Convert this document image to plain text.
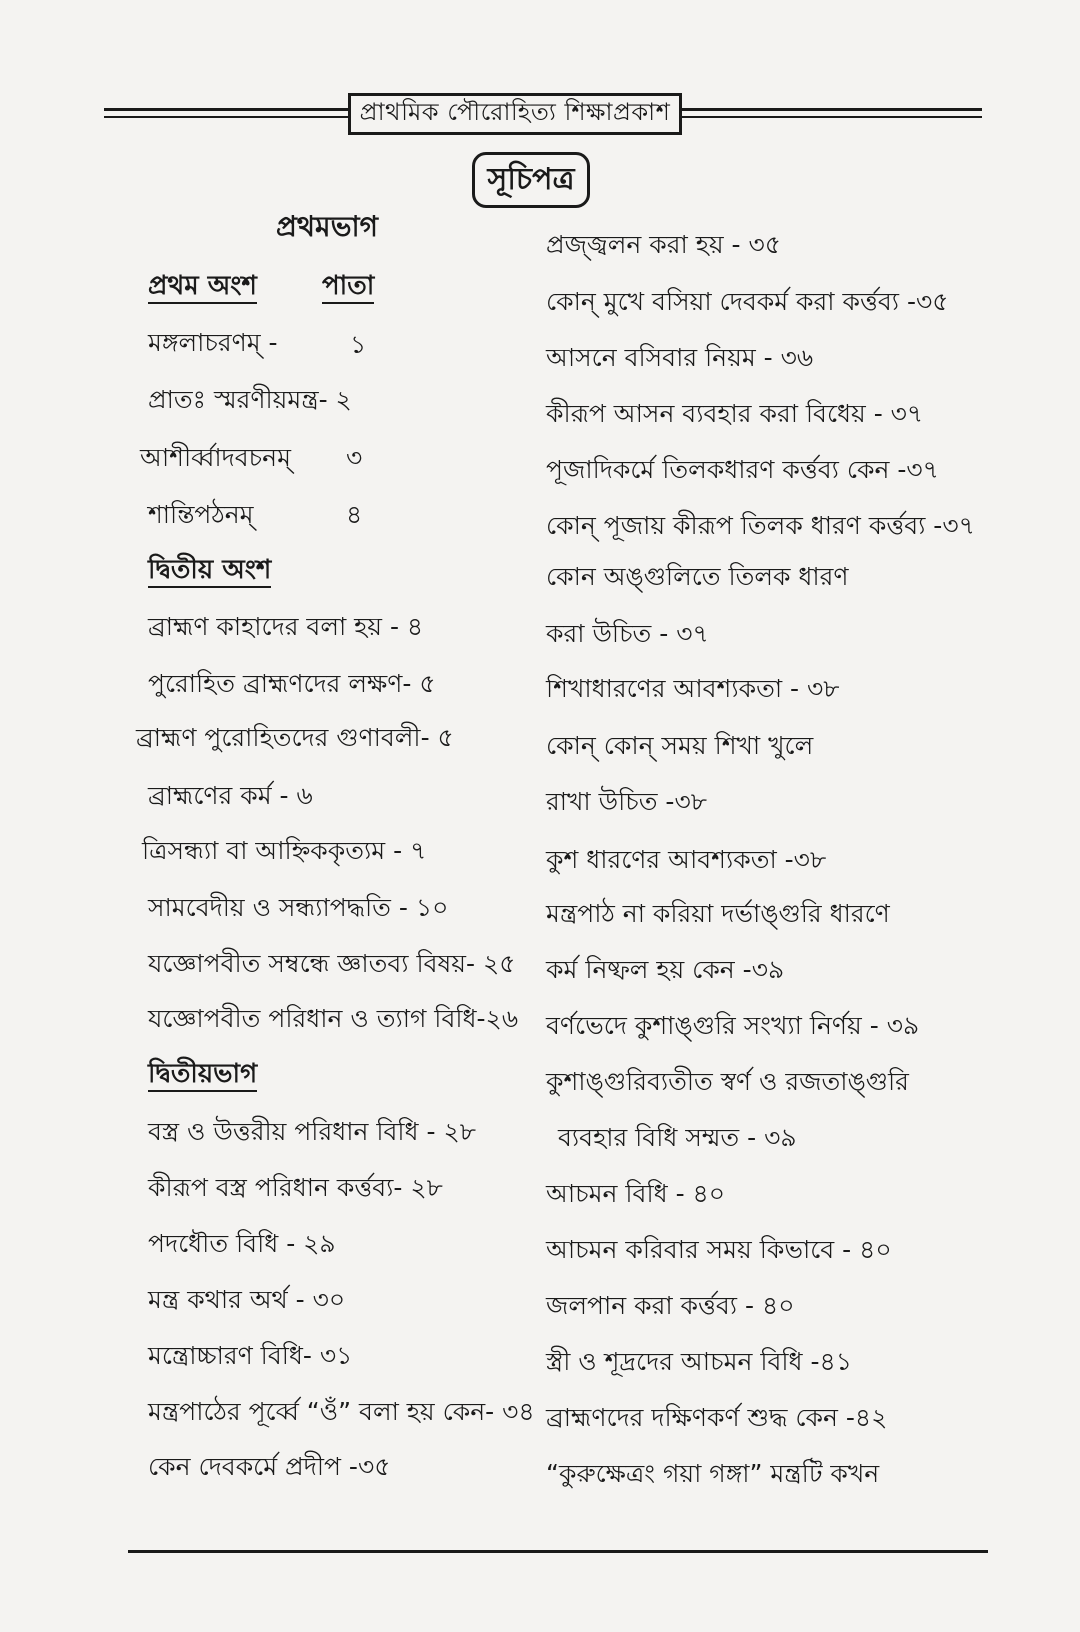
প্রাথমিক পৌরোহিত্য শিক্ষাপ্রকাশ
সূচিপত্র
প্রথমভাগ
প্রথম অংশ	পাতা
মঙ্গলাচরণম্ -	১
প্রাতঃ স্মরণীয়মন্ত্র- ২
আশীর্ব্বাদবচনম্ ৩
শান্তিপঠনম্	৪
দ্বিতীয় অংশ
ব্রাহ্মণ কাহাদের বলা হয় - ৪
পুরোহিত ব্রাহ্মণদের লক্ষণ- ৫
ব্রাহ্মণ পুরোহিতদের গুণাবলী- ৫
ব্রাহ্মণের কর্ম - ৬
ত্রিসন্ধ্যা বা আহ্নিককৃত্যম - ৭
সামবেদীয় ও সন্ধ্যাপদ্ধতি - ১০
যজ্ঞোপবীত সম্বন্ধে জ্ঞাতব্য বিষয়- ২৫
যজ্ঞোপবীত পরিধান ও ত্যাগ বিধি-২৬
দ্বিতীয়ভাগ
বস্ত্র ও উত্তরীয় পরিধান বিধি - ২৮
কীরূপ বস্ত্র পরিধান কর্ত্তব্য- ২৮
পদধৌত বিধি - ২৯
মন্ত্র কথার অর্থ - ৩০
মন্ত্রোচ্চারণ বিধি- ৩১
মন্ত্রপাঠের পূর্ব্বে “ওঁ” বলা হয় কেন- ৩৪
কেন দেবকর্মে প্রদীপ -৩৫
প্রজ্জ্বলন করা হয় - ৩৫
কোন্ মুখে বসিয়া দেবকর্ম করা কর্ত্তব্য -৩৫
আসনে বসিবার নিয়ম - ৩৬
কীরূপ আসন ব্যবহার করা বিধেয় - ৩৭
পূজাদিকর্মে তিলকধারণ কর্ত্তব্য কেন -৩৭
কোন্ পূজায় কীরূপ তিলক ধারণ কর্ত্তব্য -৩৭
কোন অঙ্গুলিতে তিলক ধারণ
করা উচিত - ৩৭
শিখাধারণের আবশ্যকতা - ৩৮
কোন্ কোন্ সময় শিখা খুলে
রাখা উচিত -৩৮
কুশ ধারণের আবশ্যকতা -৩৮
মন্ত্রপাঠ না করিয়া দর্ভাঙ্গুরি ধারণে
কর্ম নিষ্ফল হয় কেন -৩৯
বর্ণভেদে কুশাঙ্গুরি সংখ্যা নির্ণয় - ৩৯
কুশাঙ্গুরিব্যতীত স্বর্ণ ও রজতাঙ্গুরি
ব্যবহার বিধি সম্মত - ৩৯
আচমন বিধি - ৪০
আচমন করিবার সময় কিভাবে - ৪০
জলপান করা কর্ত্তব্য - ৪০
স্ত্রী ও শূদ্রদের আচমন বিধি -৪১
ব্রাহ্মণদের দক্ষিণকর্ণ শুদ্ধ কেন -৪২
“কুরুক্ষেত্রং গয়া গঙ্গা” মন্ত্রটি কখন
